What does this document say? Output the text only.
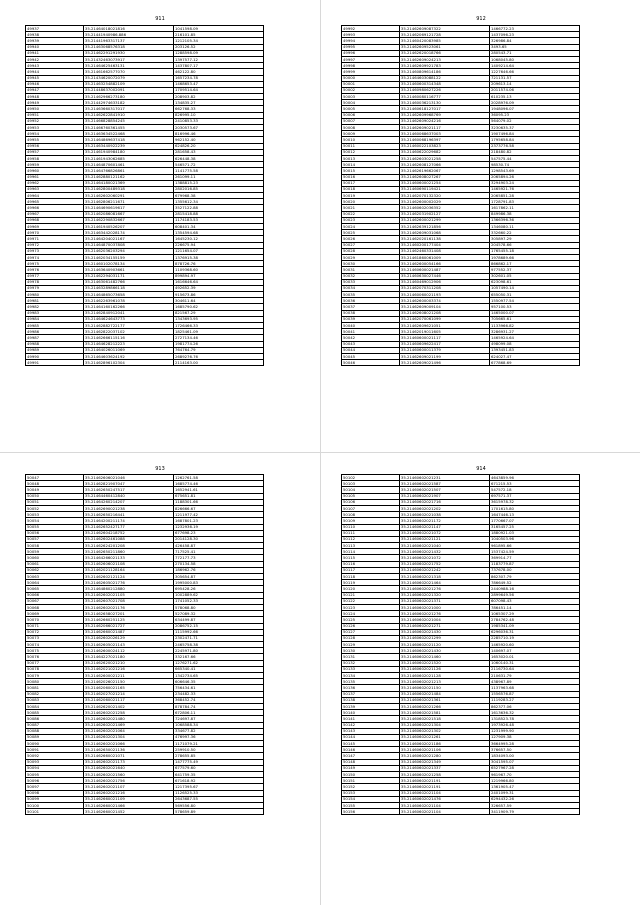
911	912
913	914
49937	35.21464018021816	1041598.09
49938	35.21441940986.886	216101.85
49939	35.21441963317137	1212105.34
49940	35.21463068576318	203126.52
49941	35.21462291291930	1288598.09
49942	35.21432463073917	1397577.12
49943	35.21464625463131	1437807.17
49944	35.21461662577070	462122.80
49945	35.21434620072079	1657234.78
49946	35.21463254882109	1468653.47
49947	35.21448637002091	1709514.64
49948	35.21462966273180	208903.82
49949	35.21442974633182	134835.27
49950	35.21463660317017	662768.33
49951	35.21462622841910	826995.10
49952	35.21466828854245	2410853.33
49953	35.21466760361455	2030573.67
49954	35.21463634522468	816996.46
49955	35.21464869637418	962152.40
49956	35.21463440922239	624826.20
49957	35.21461940984180	281658.43
49958	35.21461943062685	626448.38
49959	35.21464870601461	546571.72
49960	35.21464766826861	1141775.58
49961	35.21462880121162	261099.11
49962	35.21464180021369	1388815.23
49963	35.21462800489318	2802016.85
49964	35.21462602060291	679968.38
49965	35.21462806211671	1355612.34
49966	35.21464690619617	3527122.88
49967	35.21462086081667	2815418.88
49968	35.21462290832667	1174183.53
49969	35.21461940526207	608401.34
49970	35.21463442028174	1354594.68
49971	35.21464204021167	1645230.12
49972	35.21464870037808	226675.94
49973	35.21462036203294	1211654.07
49974	35.21462034155159	1376915.38
49975	35.21460102078134	878726.76
49976	35.21463640903661	1109368.60
49977	35.21462294031171	899894.97
49978	35.21463061482766	1616646.64
49979	35.21463289866118	492652.39
49980	35.21464865073658	915673.86
49981	35.21462263961078	304611.64
49982	35.21464160162266	1685790.62
49983	35.21462840912041	821567.29
49984	35.21464624643773	1343693.95
49985	35.21462882722177	1726466.33
49986	35.21462822037102	1825461.09
49987	35.21462666115116	2727134.46
49988	35.21464628212223	1981774.26
49989	35.21464026011069	764764.79
49990	35.21464603624192	2689276.76
49991	35.21462896102304	2114163.00
49992	35.21462609087322	1466772.23
49993	35.21462069121728	1437096.23
49994	35.21460420083985	326986.84
49995	35.21462609523061	3493.65
49996	35.21462620018766	280543.71
49997	35.21462609024213	1068045.80
49998	35.21462609921783	1409214.64
49999	35.21460809614186	1227646.66
50000	35.21464603088122	721131.57
50001	35.21460600314348	209613.14
50002	35.21460980627226	2011574.06
50003	35.21460080116777	610235.13
50004	35.21460036213130	2028976.09
50005	35.21460618127017	1948096.07
50006	35.21462609968769	36095.23
50007	35.21462609024216	564079.02
50008	35.21462609021117	3230635.37
50009	35.21460068637003	1907496.84
50010	35.21460068196397	1795658.84
50011	35.21460022103823	2373776.58
50012	35.21460622029682	218480.82
50013	35.21462603021258	547575.44
50014	35.21462608127066	98530.74
50015	35.21462619662067	1298543.69
50016	35.21462608027267	2065894.26
50017	35.21460600021254	3294903.24
50018	35.21460690119421	1465921.76
50019	35.21462070132320	2065851.28
50020	35.21462600002029	1728791.83
50021	35.21460602036352	1617862.11
50022	35.21462031902127	849986.38
50023	35.21462600021299	1366396.36
50024	35.21462639121856	1346080.11
50025	35.21462609031068	332660.22
50026	35.21462020161138	305897.29
50027	35.21460200177404	204578.66
50028	35.21462460331408	1765455.18
50029	35.21461860061009	1978689.66
50030	35.21462600054166	866862.17
50031	35.21460600021487	977552.37
50032	35.21460630027446	302601.05
50033	35.21460469012906	623098.61
50034	35.21462070311208	1057490.14
50035	35.21460060021193	655050.31
50036	35.21462600003374	1550977.54
50037	35.21462609009104	957100.53
50038	35.21462608021208	1465000.07
50039	35.21462070061099	705665.61
50040	35.21462609621051	1133966.82
50041	35.21462019011605	3286931.27
50042	35.21460600021117	1465924.64
50043	35.21460609622417	498099.08
50044	35.21460600011379	1393451.83
50045	35.21462609021199	624027.47
50046	35.21462609021496	677868.69
50047	35.21462606021046	1262761.58
50048	35.21462821907047	1685774.46
50049	35.21462650247517	1652941.61
50050	35.21464460412840	675651.81
50051	35.21464260214207	1188301.66
50052	35.21462690021238	826666.67
50053	35.21462650216441	1211977.42
50054	35.21464200211174	1687801.23
50055	35.21462652427177	1232936.19
50056	35.21462604218752	677698.23
50057	35.21462602461088	2014128.30
50058	35.21462624201208	426458.87
50059	35.21462650211860	717525.41
50060	35.21464266021133	772177.73
50061	35.21462606021108	270134.58
50062	35.21462021128164	186962.76
50063	35.21462602121124	305654.87
50064	35.21462605021776	1995000.83
50065	35.21464860212880	695428.26
50066	35.21462602021105	1002889.62
50067	35.21462607021708	1741052.33
50068	35.21462602021176	578068.80
50069	35.21462658027201	527089.32
50070	35.21462660251125	634499.87
50071	35.21462066021727	2086752.15
50072	35.21462660021487	1115992.66
50073	35.21462602026129	2302471.71
50074	35.21462605021143	2465758.38
50075	35.21462600024112	2245971.80
50076	35.21464227021180	332167.66
50077	35.21462620021210	1276271.62
50078	35.21462021021216	665340.41
50079	35.21462600021211	1342734.65
50080	35.21462026021150	606646.35
50081	35.21462060021165	756434.61
50082	35.21462027021214	234482.33
50083	35.21462060021117	368452.74
50084	35.21462620021402	878784.74
50085	35.21462602021258	672806.11
50086	35.21462602021480	724697.87
50087	35.21462602021469	1068588.34
50088	35.21462602021064	334677.82
50089	35.21462602021304	476997.36
50090	35.21462602021066	1171079.21
50091	35.21462650021136	259910.50
50092	35.21462660021071	278655.85
50093	35.21462602021173	1477775.49
50094	35.21462602021640	677579.60
50095	35.21462602021560	641759.35
50096	35.21462602021756	671618.92
50097	35.21462602021107	1217395.67
50098	35.21462602021216	1126525.33
50099	35.21462660021109	2643687.55
50100	35.21462660021466	569556.80
50101	35.21462660021452	578659.89
50102	35.21460602021231	4643859.96
50103	35.21460602021587	671215.53
50104	35.21460602021507	547572.18
50105	35.21460602021907	697571.37
50106	35.21460602021716	3615978.32
50107	35.21460602021202	1701615.80
50108	35.21460602021038	1647446.13
50109	35.21460602021172	1770667.07
50110	35.21460602021147	3165457.25
50111	35.21460602021072	1880921.03
50112	35.21460602021121	1040503.96
50113	35.21460602021040	961895.66
50114	35.21460602021432	1537424.59
50115	35.21460602021072	369914.77
50116	35.21460602021752	1183779.87
50117	35.21460602021242	737678.00
50118	35.21460602021318	862307.79
50119	35.21460602021464	786649.52
50120	35.21460602021276	2440988.16
50121	35.21460602021320	2899649.56
50122	35.21460602021371	607098.43
50123	35.21460602021000	786451.14
50124	35.21460602021276	1065307.29
50125	35.21460602021004	2784762.48
50126	35.21460602021271	1985341.09
50127	35.21460602021430	6296036.31
50128	35.21460602021299	2285710.19
50129	35.21460602021120	1465920.60
50130	35.21460602021430	140697.07
50131	35.21460602021460	1653020.01
50132	35.21460602021520	1060140.31
50133	35.21460602021126	2116730.64
50134	35.21460602021128	210631.79
50135	35.21460602021213	438967.89
50136	35.21460602021150	1137963.68
50137	35.21460602021484	1556576.87
50138	35.21460602021361	1119283.27
50139	35.21460602021266	862377.06
50140	35.21460602021581	1613636.32
50141	35.21460602021518	1318523.78
50142	35.21460602021304	1973926.48
50143	35.21460602021302	1231999.90
50144	35.21460602021261	127909.38
50145	35.21460602021186	3664995.28
50146	35.21460602021106	376657.50
50147	35.21460602021280	1834093.00
50148	35.21460602021349	3041595.07
50149	35.21460602021337	6527967.28
50150	35.21460602021258	961967.70
50151	35.21460602021191	1219966.80
50152	35.21460602021191	1361905.47
50153	35.21460602021104	2401099.31
50154	35.21460602021476	6294432.26
50155	35.21460602021104	326657.59
50156	35.21460602021104	3411909.79
